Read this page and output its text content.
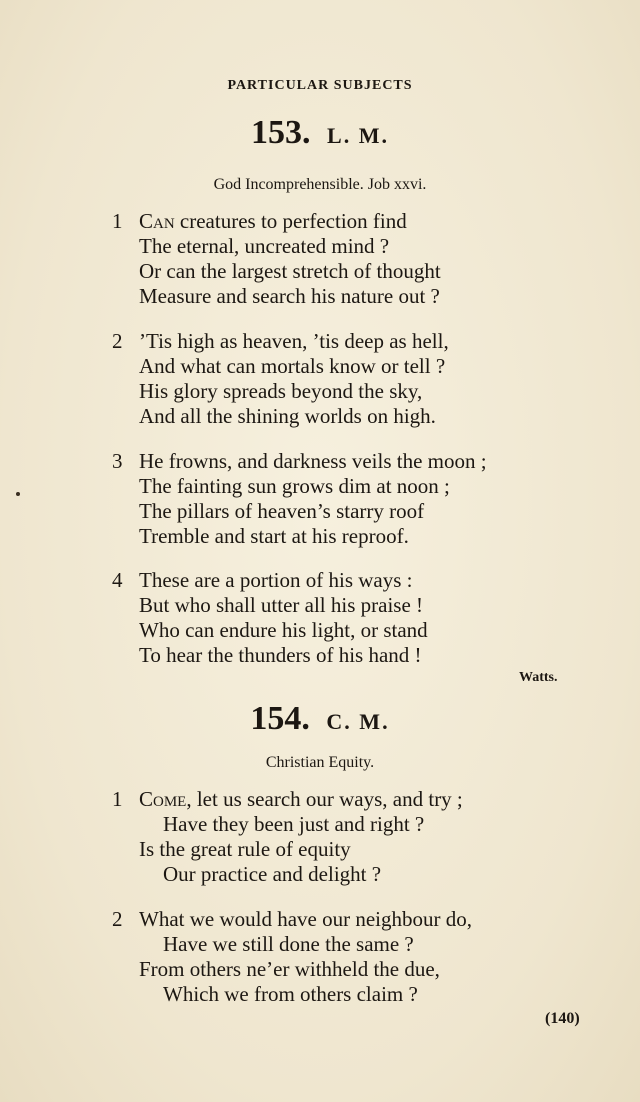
PARTICULAR SUBJECTS
153. L. M.
God Incomprehensible. Job xxvi.
1 Can creatures to perfection find
The eternal, uncreated mind ?
Or can the largest stretch of thought
Measure and search his nature out ?
2 ’Tis high as heaven, ’tis deep as hell,
And what can mortals know or tell ?
His glory spreads beyond the sky,
And all the shining worlds on high.
3 He frowns, and darkness veils the moon ;
The fainting sun grows dim at noon ;
The pillars of heaven’s starry roof
Tremble and start at his reproof.
4 These are a portion of his ways :
But who shall utter all his praise !
Who can endure his light, or stand
To hear the thunders of his hand !
Watts.
154. C. M.
Christian Equity.
1 Come, let us search our ways, and try ;
Have they been just and right ?
Is the great rule of equity
Our practice and delight ?
2 What we would have our neighbour do,
Have we still done the same ?
From others ne’er withheld the due,
Which we from others claim ?
(140)
